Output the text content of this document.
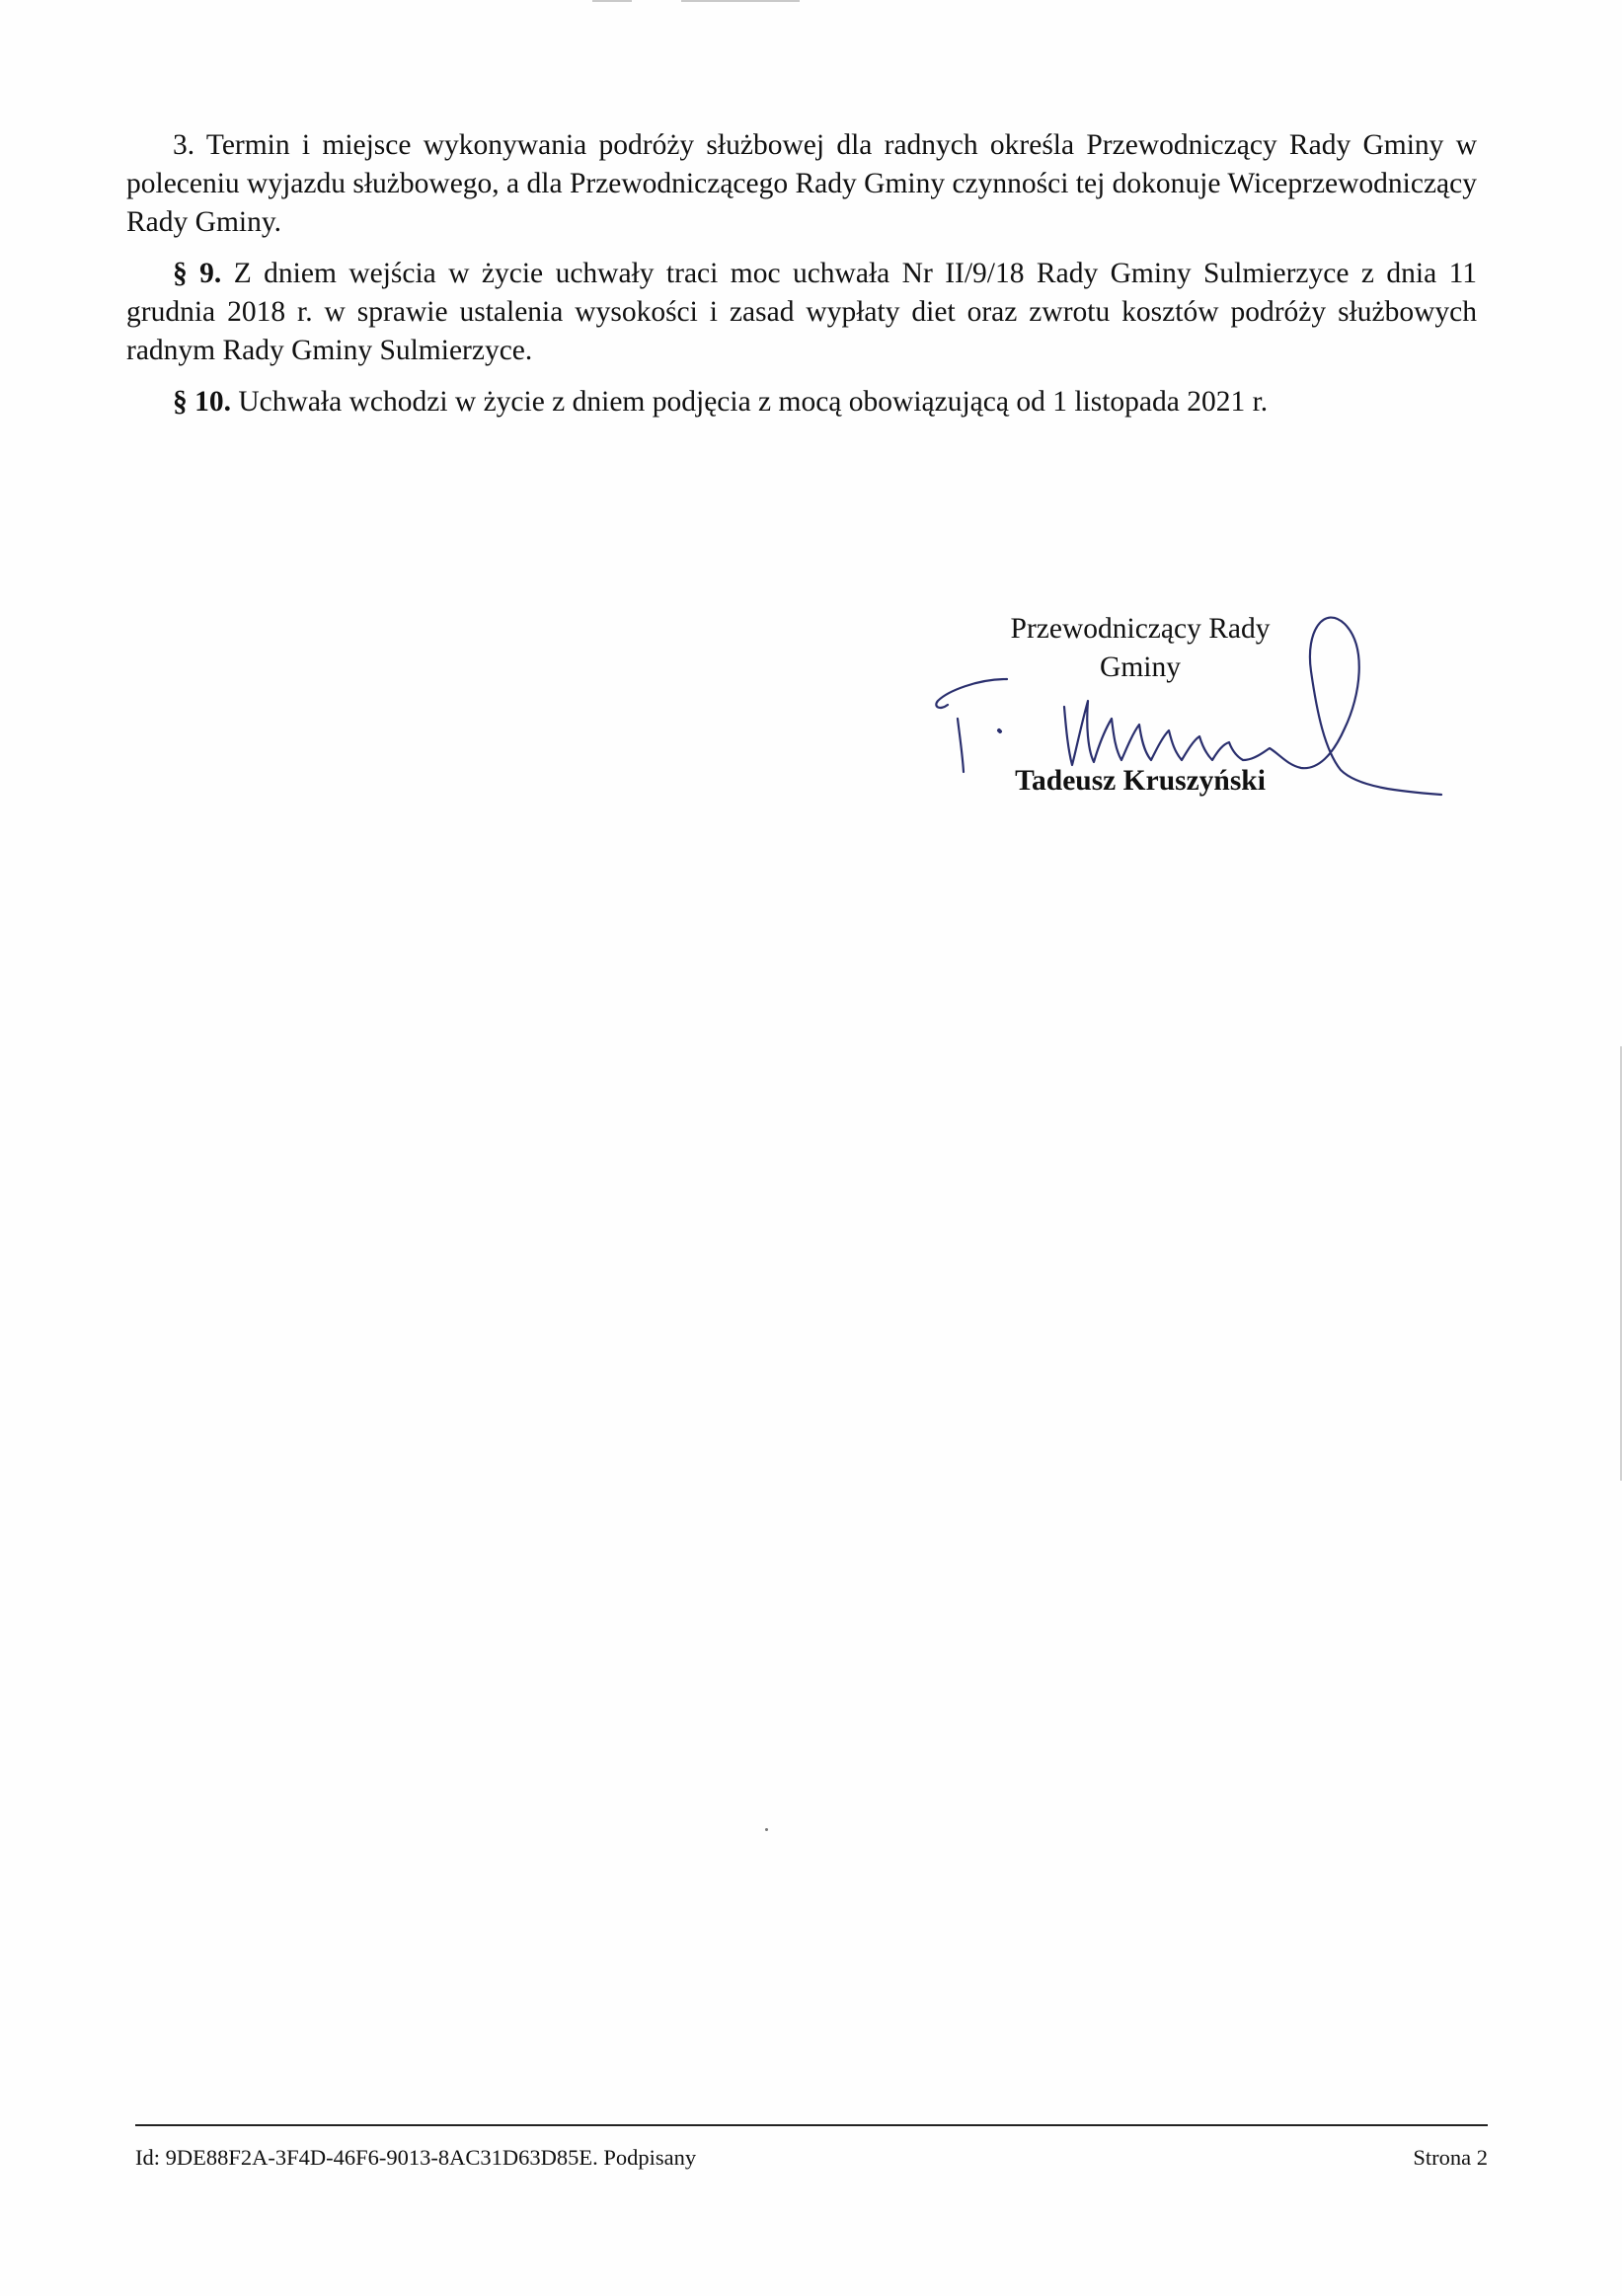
3. Termin i miejsce wykonywania podróży służbowej dla radnych określa Przewodniczący Rady Gminy w poleceniu wyjazdu służbowego, a dla Przewodniczącego Rady Gminy czynności tej dokonuje Wiceprzewodniczący Rady Gminy.

§ 9. Z dniem wejścia w życie uchwały traci moc uchwała Nr II/9/18 Rady Gminy Sulmierzyce z dnia 11 grudnia 2018 r. w sprawie ustalenia wysokości i zasad wypłaty diet oraz zwrotu kosztów podróży służbowych radnym Rady Gminy Sulmierzyce.

§ 10. Uchwała wchodzi w życie z dniem podjęcia z mocą obowiązującą od 1 listopada 2021 r.

Przewodniczący Rady
Gminy
Tadeusz Kruszyński
Id: 9DE88F2A-3F4D-46F6-9013-8AC31D63D85E. Podpisany	Strona 2
